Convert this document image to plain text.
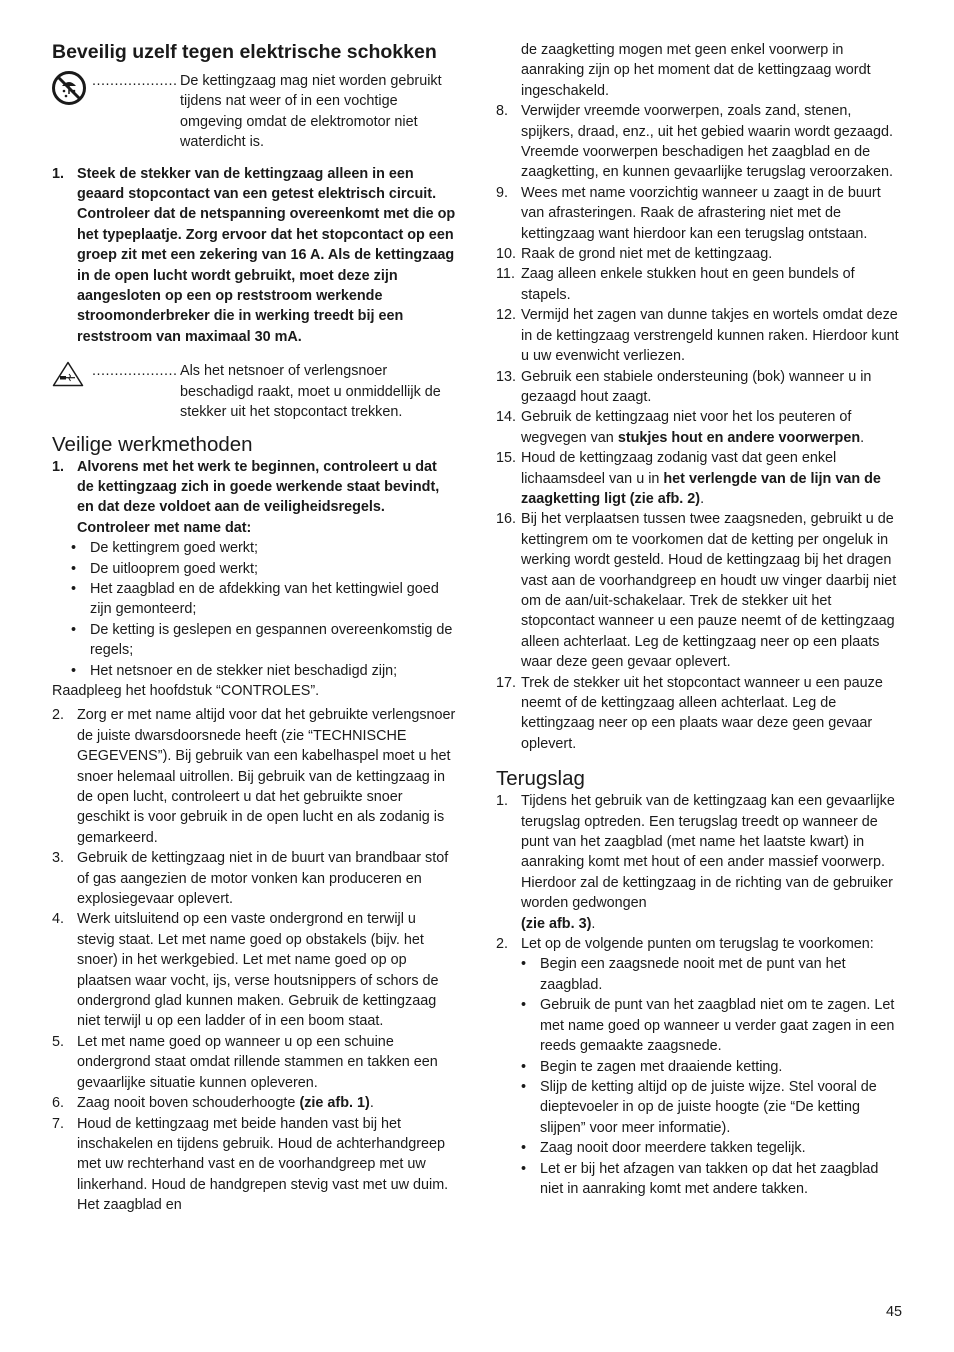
Beveilig uzelf tegen elektrische schokken
................... De kettingzaag mag niet worden gebruikt tijdens nat weer of in een vochtige omgeving omdat de elektromotor niet waterdicht is.
1. Steek de stekker van de kettingzaag alleen in een geaard stopcontact van een getest elektrisch circuit. Controleer dat de netspanning overeenkomt met die op het typeplaatje. Zorg ervoor dat het stopcontact op een groep zit met een zekering van 16 A. Als de kettingzaag in de open lucht wordt gebruikt, moet deze zijn aangesloten op een op reststroom werkende stroomonderbreker die in werking treedt bij een reststroom van maximaal 30 mA.
................... Als het netsnoer of verlengsnoer beschadigd raakt, moet u onmiddellijk de stekker uit het stopcontact trekken.
Veilige werkmethoden
1. Alvorens met het werk te beginnen, controleert u dat de kettingzaag zich in goede werkende staat bevindt, en dat deze voldoet aan de veiligheidsregels. Controleer met name dat:
• De kettingrem goed werkt;
• De uitlooprem goed werkt;
• Het zaagblad en de afdekking van het kettingwiel goed zijn gemonteerd;
• De ketting is geslepen en gespannen overeenkomstig de regels;
• Het netsnoer en de stekker niet beschadigd zijn;
Raadpleeg het hoofdstuk “CONTROLES”.
2. Zorg er met name altijd voor dat het gebruikte verlengsnoer de juiste dwarsdoorsnede heeft (zie “TECHNISCHE GEGEVENS”). Bij gebruik van een kabelhaspel moet u het snoer helemaal uitrollen. Bij gebruik van de kettingzaag in de open lucht, controleert u dat het gebruikte snoer geschikt is voor gebruik in de open lucht en als zodanig is gemarkeerd.
3. Gebruik de kettingzaag niet in de buurt van brandbaar stof of gas aangezien de motor vonken kan produceren en explosiegevaar oplevert.
4. Werk uitsluitend op een vaste ondergrond en terwijl u stevig staat. Let met name goed op obstakels (bijv. het snoer) in het werkgebied. Let met name goed op op plaatsen waar vocht, ijs, verse houtsnippers of schors de ondergrond glad kunnen maken. Gebruik de kettingzaag niet terwijl u op een ladder of in een boom staat.
5. Let met name goed op wanneer u op een schuine ondergrond staat omdat rillende stammen en takken een gevaarlijke situatie kunnen opleveren.
6. Zaag nooit boven schouderhoogte (zie afb. 1).
7. Houd de kettingzaag met beide handen vast bij het inschakelen en tijdens gebruik. Houd de achterhandgreep met uw rechterhand vast en de voorhandgreep met uw linkerhand. Houd de handgrepen stevig vast met uw duim. Het zaagblad en
de zaagketting mogen met geen enkel voorwerp in aanraking zijn op het moment dat de kettingzaag wordt ingeschakeld.
8. Verwijder vreemde voorwerpen, zoals zand, stenen, spijkers, draad, enz., uit het gebied waarin wordt gezaagd. Vreemde voorwerpen beschadigen het zaagblad en de zaagketting, en kunnen gevaarlijke terugslag veroorzaken.
9. Wees met name voorzichtig wanneer u zaagt in de buurt van afrasteringen. Raak de afrastering niet met de kettingzaag want hierdoor kan een terugslag ontstaan.
10. Raak de grond niet met de kettingzaag.
11. Zaag alleen enkele stukken hout en geen bundels of stapels.
12. Vermijd het zagen van dunne takjes en wortels omdat deze in de kettingzaag verstrengeld kunnen raken. Hierdoor kunt u uw evenwicht verliezen.
13. Gebruik een stabiele ondersteuning (bok) wanneer u in gezaagd hout zaagt.
14. Gebruik de kettingzaag niet voor het los peuteren of wegvegen van stukjes hout en andere voorwerpen.
15. Houd de kettingzaag zodanig vast dat geen enkel lichaamsdeel van u in het verlengde van de lijn van de zaagketting ligt (zie afb. 2).
16. Bij het verplaatsen tussen twee zaagsneden, gebruikt u de kettingrem om te voorkomen dat de ketting per ongeluk in werking wordt gesteld. Houd de kettingzaag bij het dragen vast aan de voorhandgreep en houdt uw vinger daarbij niet om de aan/uit-schakelaar. Trek de stekker uit het stopcontact wanneer u een pauze neemt of de kettingzaag alleen achterlaat. Leg de kettingzaag neer op een plaats waar deze geen gevaar oplevert.
17. Trek de stekker uit het stopcontact wanneer u een pauze neemt of de kettingzaag alleen achterlaat. Leg de kettingzaag neer op een plaats waar deze geen gevaar oplevert.
Terugslag
1. Tijdens het gebruik van de kettingzaag kan een gevaarlijke terugslag optreden. Een terugslag treedt op wanneer de punt van het zaagblad (met name het laatste kwart) in aanraking komt met hout of een ander massief voorwerp. Hierdoor zal de kettingzaag in de richting van de gebruiker worden gedwongen
(zie afb. 3).
2. Let op de volgende punten om terugslag te voorkomen:
• Begin een zaagsnede nooit met de punt van het zaagblad.
• Gebruik de punt van het zaagblad niet om te zagen. Let met name goed op wanneer u verder gaat zagen in een reeds gemaakte zaagsnede.
• Begin te zagen met draaiende ketting.
• Slijp de ketting altijd op de juiste wijze. Stel vooral de dieptevoeler in op de juiste hoogte (zie “De ketting slijpen” voor meer informatie).
• Zaag nooit door meerdere takken tegelijk.
• Let er bij het afzagen van takken op dat het zaagblad niet in aanraking komt met andere takken.
45
